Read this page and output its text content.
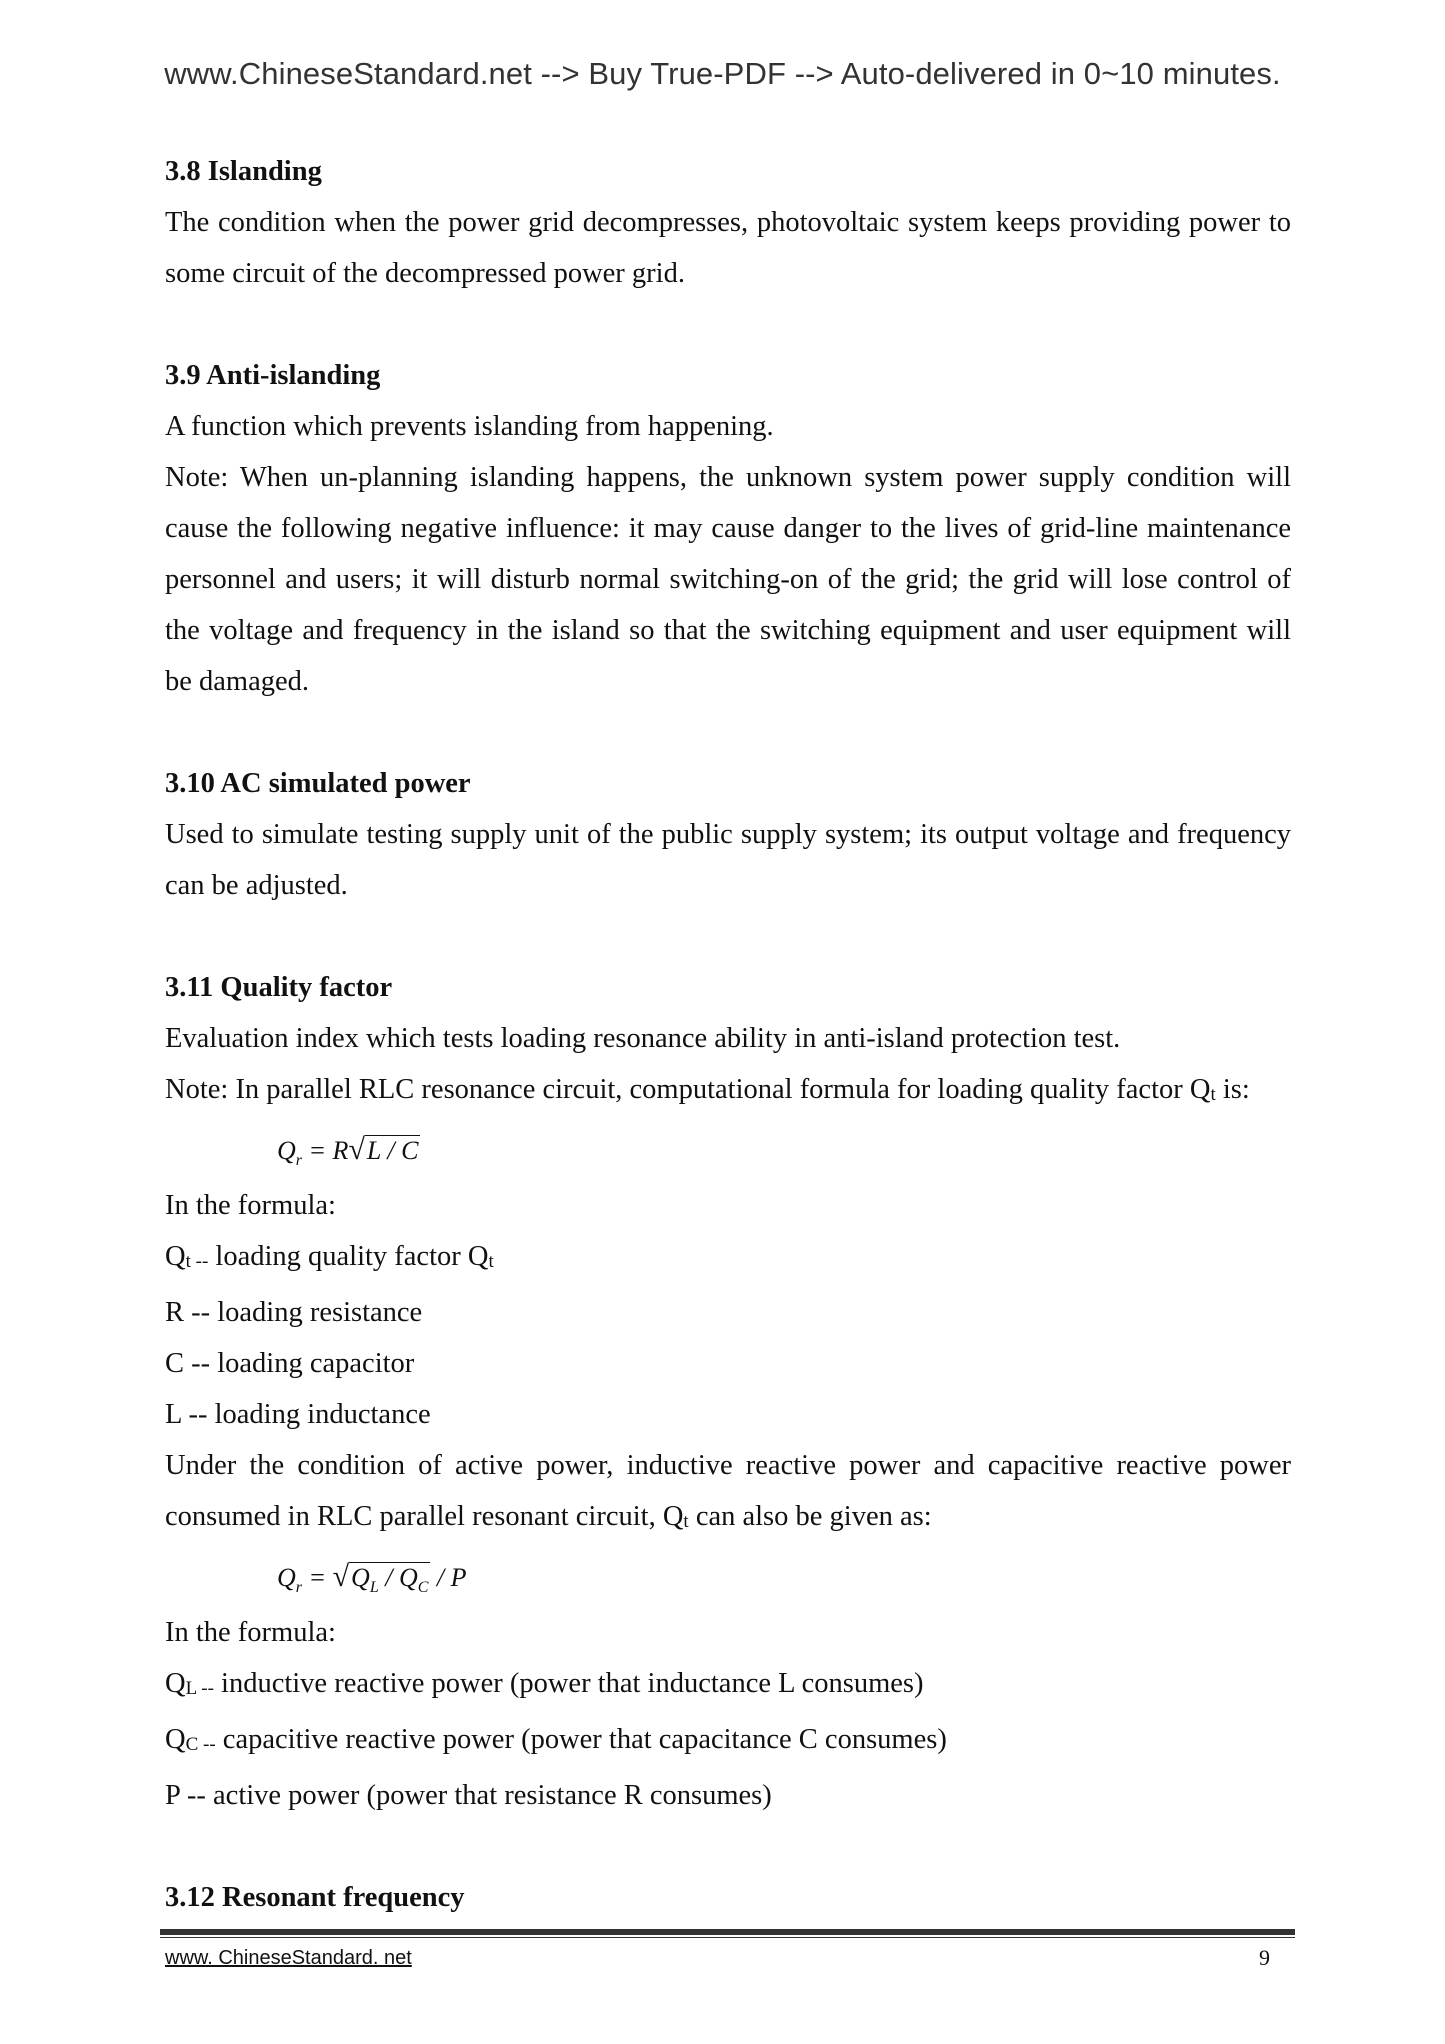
www.ChineseStandard.net --> Buy True-PDF --> Auto-delivered in 0~10 minutes.

3.8 Islanding

The condition when the power grid decompresses, photovoltaic system keeps providing power to some circuit of the decompressed power grid.

3.9 Anti-islanding

A function which prevents islanding from happening.

Note: When un-planning islanding happens, the unknown system power supply condition will cause the following negative influence: it may cause danger to the lives of grid-line maintenance personnel and users; it will disturb normal switching-on of the grid; the grid will lose control of the voltage and frequency in the island so that the switching equipment and user equipment will be damaged.

3.10 AC simulated power

Used to simulate testing supply unit of the public supply system; its output voltage and frequency can be adjusted.

3.11 Quality factor

Evaluation index which tests loading resonance ability in anti-island protection test.

Note: In parallel RLC resonance circuit, computational formula for loading quality factor Qt is:

$Q_r = R√L / C$

In the formula:

Qt -- loading quality factor Qt

R -- loading resistance

C -- loading capacitor

L -- loading inductance

Under the condition of active power, inductive reactive power and capacitive reactive power consumed in RLC parallel resonant circuit, Qt can also be given as:

$Q_r = √Q_L / Q_C / P$

In the formula:

QL -- inductive reactive power (power that inductance L consumes)

QC -- capacitive reactive power (power that capacitance C consumes)

P -- active power (power that resistance R consumes)

3.12 Resonant frequency

www. ChineseStandard. net	9
